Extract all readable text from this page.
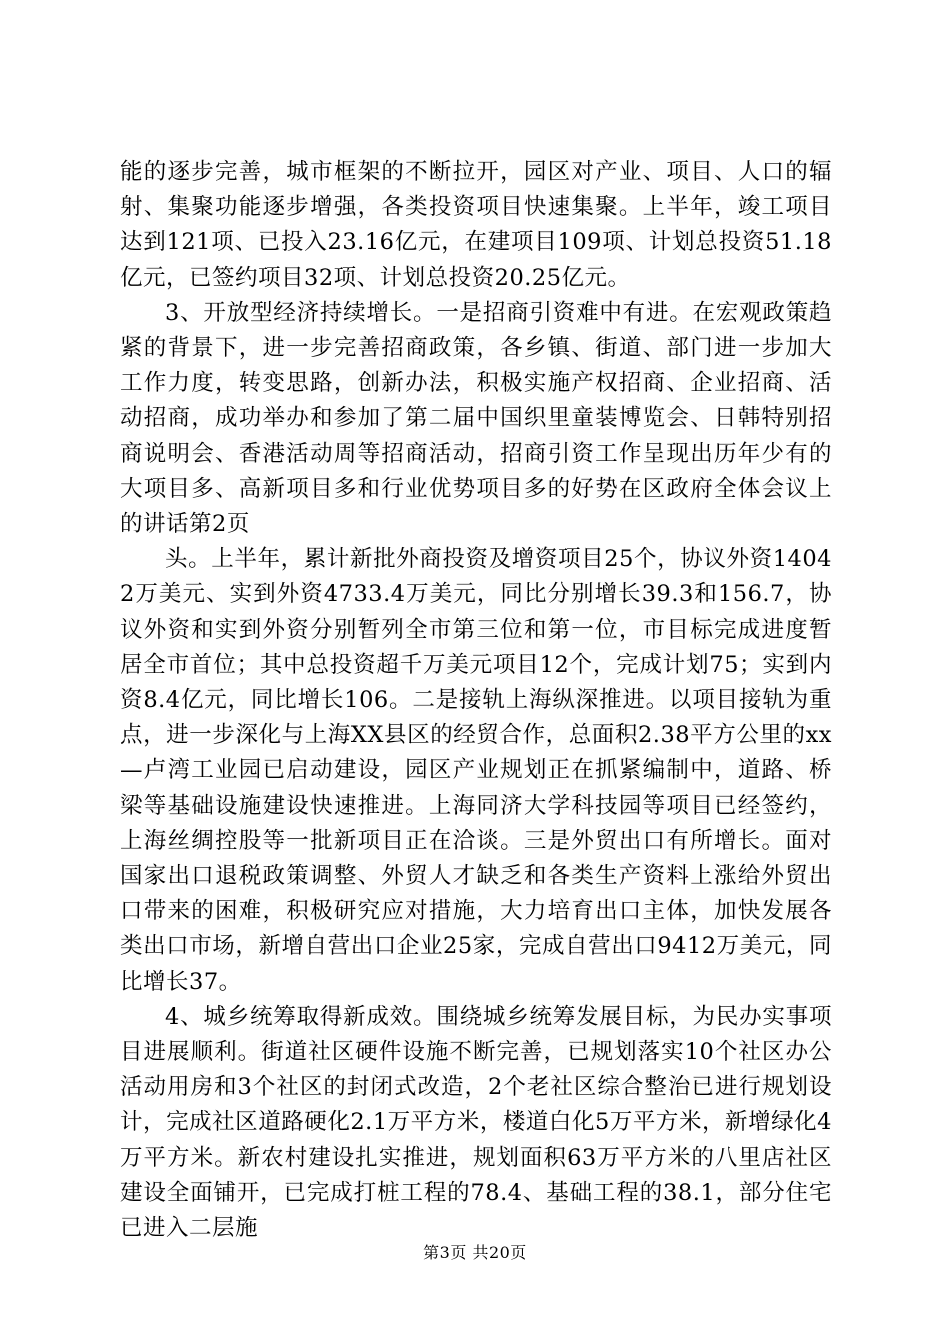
能的逐步完善，城市框架的不断拉开，园区对产业、项目、人口的辐射、集聚功能逐步增强，各类投资项目快速集聚。上半年，竣工项目达到121项、已投入23.16亿元，在建项目109项、计划总投资51.18亿元，已签约项目32项、计划总投资20.25亿元。

3、开放型经济持续增长。一是招商引资难中有进。在宏观政策趋紧的背景下，进一步完善招商政策，各乡镇、街道、部门进一步加大工作力度，转变思路，创新办法，积极实施产权招商、企业招商、活动招商，成功举办和参加了第二届中国织里童装博览会、日韩特别招商说明会、香港活动周等招商活动，招商引资工作呈现出历年少有的大项目多、高新项目多和行业优势项目多的好势在区政府全体会议上的讲话第2页

头。上半年，累计新批外商投资及增资项目25个，协议外资14042万美元、实到外资4733.4万美元，同比分别增长39.3和156.7，协议外资和实到外资分别暂列全市第三位和第一位，市目标完成进度暂居全市首位；其中总投资超千万美元项目12个，完成计划75；实到内资8.4亿元，同比增长106。二是接轨上海纵深推进。以项目接轨为重点，进一步深化与上海XX县区的经贸合作，总面积2.38平方公里的xx—卢湾工业园已启动建设，园区产业规划正在抓紧编制中，道路、桥梁等基础设施建设快速推进。上海同济大学科技园等项目已经签约，上海丝绸控股等一批新项目正在洽谈。三是外贸出口有所增长。面对国家出口退税政策调整、外贸人才缺乏和各类生产资料上涨给外贸出口带来的困难，积极研究应对措施，大力培育出口主体，加快发展各类出口市场，新增自营出口企业25家，完成自营出口9412万美元，同比增长37。

4、城乡统筹取得新成效。围绕城乡统筹发展目标，为民办实事项目进展顺利。街道社区硬件设施不断完善，已规划落实10个社区办公活动用房和3个社区的封闭式改造，2个老社区综合整治已进行规划设计，完成社区道路硬化2.1万平方米，楼道白化5万平方米，新增绿化4万平方米。新农村建设扎实推进，规划面积63万平方米的八里店社区建设全面铺开，已完成打桩工程的78.4、基础工程的38.1，部分住宅已进入二层施

第3页 共20页
